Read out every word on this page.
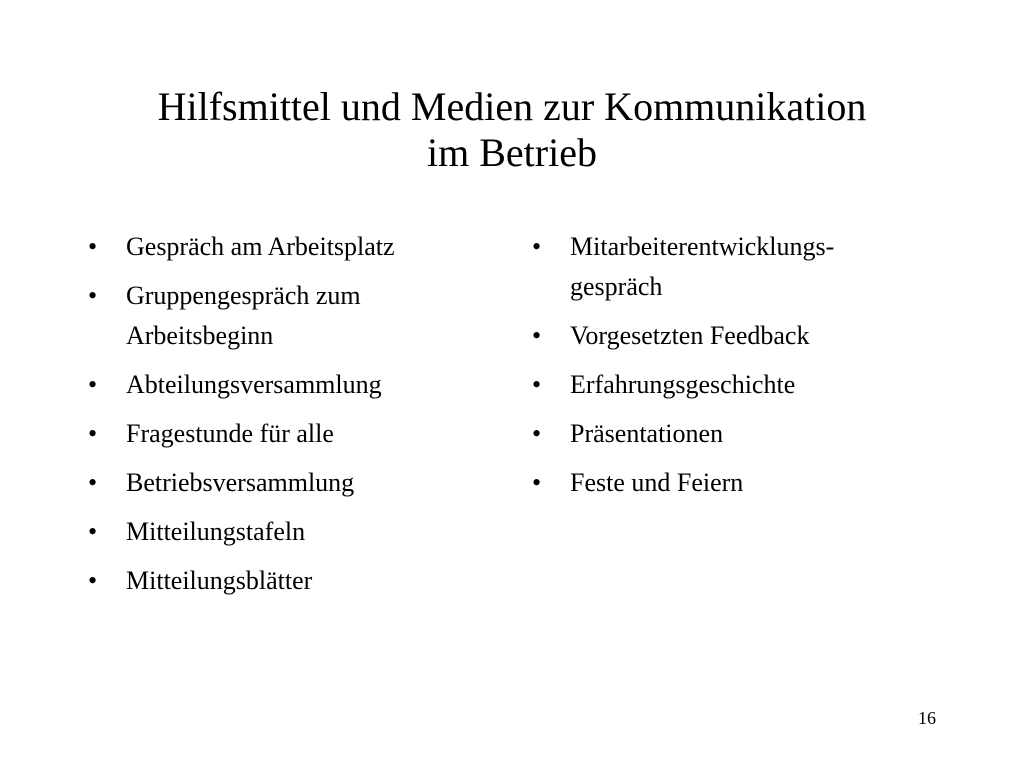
Hilfsmittel und Medien zur Kommunikation
im Betrieb
• Gespräch am Arbeitsplatz
• Gruppengespräch zum
Arbeitsbeginn
• Abteilungsversammlung
• Fragestunde für alle
• Betriebsversammlung
• Mitteilungstafeln
• Mitteilungsblätter
• Mitarbeiterentwicklungs-
gespräch
• Vorgesetzten Feedback
• Erfahrungsgeschichte
• Präsentationen
• Feste und Feiern
16
